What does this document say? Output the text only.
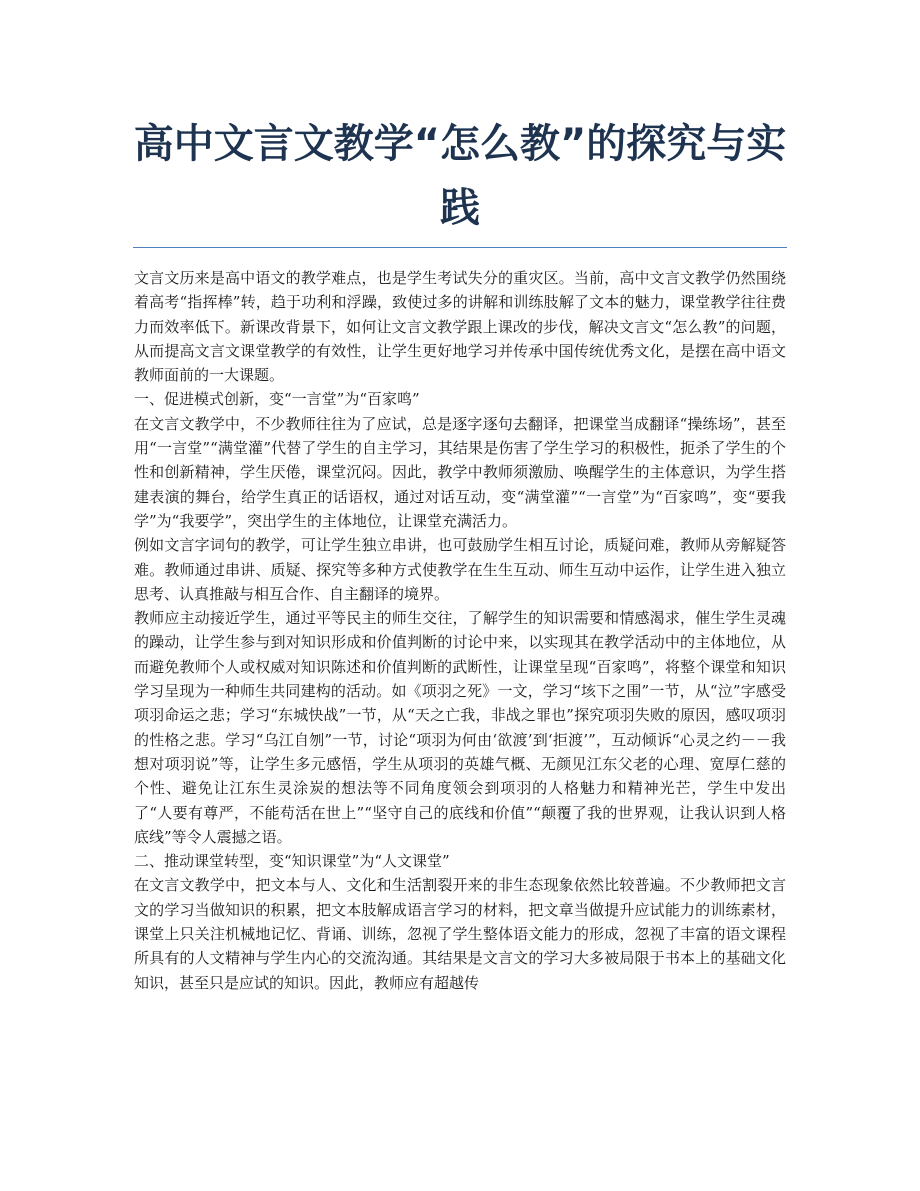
高中文言文教学“怎么教”的探究与实践

文言文历来是高中语文的教学难点，也是学生考试失分的重灾区。当前，高中文言文教学仍然围绕着高考“指挥棒”转，趋于功利和浮躁，致使过多的讲解和训练肢解了文本的魅力，课堂教学往往费力而效率低下。新课改背景下，如何让文言文教学跟上课改的步伐，解决文言文“怎么教”的问题，从而提高文言文课堂教学的有效性，让学生更好地学习并传承中国传统优秀文化，是摆在高中语文教师面前的一大课题。

一、促进模式创新，变“一言堂”为“百家鸣”

在文言文教学中，不少教师往往为了应试，总是逐字逐句去翻译，把课堂当成翻译“操练场”，甚至用“一言堂”“满堂灌”代替了学生的自主学习，其结果是伤害了学生学习的积极性，扼杀了学生的个性和创新精神，学生厌倦，课堂沉闷。因此，教学中教师须激励、唤醒学生的主体意识，为学生搭建表演的舞台，给学生真正的话语权，通过对话互动，变“满堂灌”“一言堂”为“百家鸣”，变“要我学”为“我要学”，突出学生的主体地位，让课堂充满活力。

例如文言字词句的教学，可让学生独立串讲，也可鼓励学生相互讨论，质疑问难，教师从旁解疑答难。教师通过串讲、质疑、探究等多种方式使教学在生生互动、师生互动中运作，让学生进入独立思考、认真推敲与相互合作、自主翻译的境界。

教师应主动接近学生，通过平等民主的师生交往，了解学生的知识需要和情感渴求，催生学生灵魂的躁动，让学生参与到对知识形成和价值判断的讨论中来，以实现其在教学活动中的主体地位，从而避免教师个人或权威对知识陈述和价值判断的武断性，让课堂呈现“百家鸣”，将整个课堂和知识学习呈现为一种师生共同建构的活动。如《项羽之死》一文，学习“垓下之围”一节，从“泣”字感受项羽命运之悲；学习“东城快战”一节，从“天之亡我，非战之罪也”探究项羽失败的原因，感叹项羽的性格之悲。学习“乌江自刎”一节，讨论“项羽为何由‘欲渡’到‘拒渡’”，互动倾诉“心灵之约－－我想对项羽说”等，让学生多元感悟，学生从项羽的英雄气概、无颜见江东父老的心理、宽厚仁慈的个性、避免让江东生灵涂炭的想法等不同角度领会到项羽的人格魅力和精神光芒，学生中发出了“人要有尊严，不能苟活在世上”“坚守自己的底线和价值”“颠覆了我的世界观，让我认识到人格底线”等令人震撼之语。

二、推动课堂转型，变“知识课堂”为“人文课堂”

在文言文教学中，把文本与人、文化和生活割裂开来的非生态现象依然比较普遍。不少教师把文言文的学习当做知识的积累，把文本肢解成语言学习的材料，把文章当做提升应试能力的训练素材，课堂上只关注机械地记忆、背诵、训练，忽视了学生整体语文能力的形成，忽视了丰富的语文课程所具有的人文精神与学生内心的交流沟通。其结果是文言文的学习大多被局限于书本上的基础文化知识，甚至只是应试的知识。因此，教师应有超越传
